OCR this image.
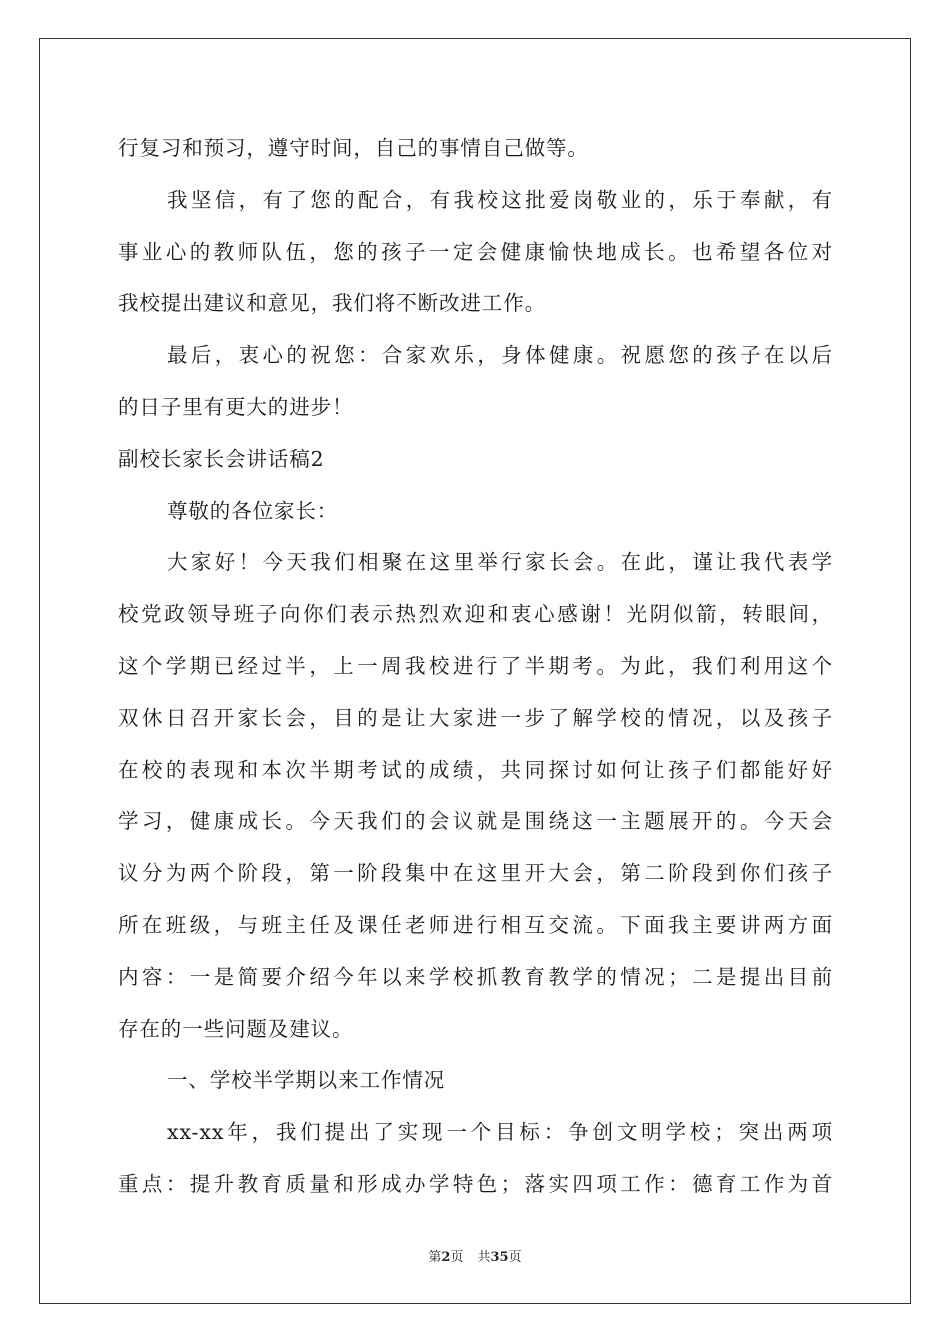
行复习和预习，遵守时间，自己的事情自己做等。
我坚信，有了您的配合，有我校这批爱岗敬业的，乐于奉献，有
事业心的教师队伍，您的孩子一定会健康愉快地成长。也希望各位对
我校提出建议和意见，我们将不断改进工作。
最后，衷心的祝您：合家欢乐，身体健康。祝愿您的孩子在以后
的日子里有更大的进步！
副校长家长会讲话稿2
尊敬的各位家长：
大家好！今天我们相聚在这里举行家长会。在此，谨让我代表学
校党政领导班子向你们表示热烈欢迎和衷心感谢！光阴似箭，转眼间，
这个学期已经过半，上一周我校进行了半期考。为此，我们利用这个
双休日召开家长会，目的是让大家进一步了解学校的情况，以及孩子
在校的表现和本次半期考试的成绩，共同探讨如何让孩子们都能好好
学习，健康成长。今天我们的会议就是围绕这一主题展开的。今天会
议分为两个阶段，第一阶段集中在这里开大会，第二阶段到你们孩子
所在班级，与班主任及课任老师进行相互交流。下面我主要讲两方面
内容：一是简要介绍今年以来学校抓教育教学的情况；二是提出目前
存在的一些问题及建议。
一、学校半学期以来工作情况
xx-xx年，我们提出了实现一个目标：争创文明学校；突出两项
重点：提升教育质量和形成办学特色；落实四项工作：德育工作为首
第2页 共35页
